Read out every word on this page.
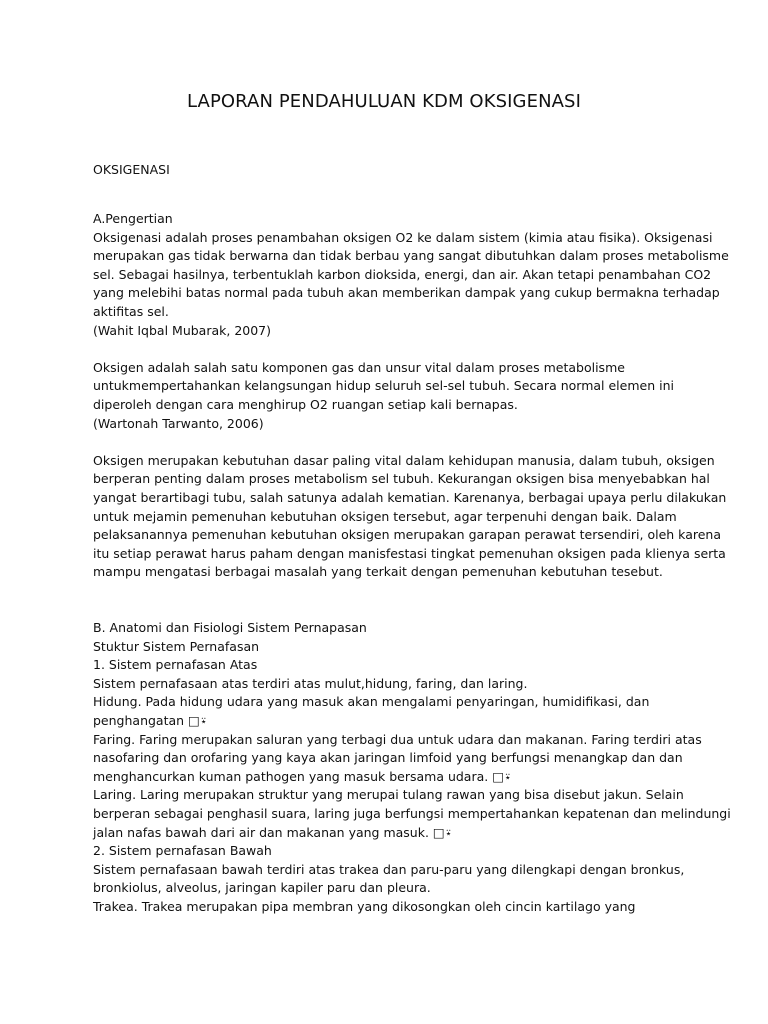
LAPORAN PENDAHULUAN KDM OKSIGENASI
OKSIGENASI
A.Pengertian
Oksigenasi adalah proses penambahan oksigen O2 ke dalam sistem (kimia atau fisika). Oksigenasi
merupakan gas tidak berwarna dan tidak berbau yang sangat dibutuhkan dalam proses metabolisme
sel. Sebagai hasilnya, terbentuklah karbon dioksida, energi, dan air. Akan tetapi penambahan CO2
yang melebihi batas normal pada tubuh akan memberikan dampak yang cukup bermakna terhadap
aktifitas sel.
(Wahit Iqbal Mubarak, 2007)
Oksigen adalah salah satu komponen gas dan unsur vital dalam proses metabolisme
untukmempertahankan kelangsungan hidup seluruh sel-sel tubuh. Secara normal elemen ini
diperoleh dengan cara menghirup O2 ruangan setiap kali bernapas.
(Wartonah Tarwanto, 2006)
Oksigen merupakan kebutuhan dasar paling vital dalam kehidupan manusia, dalam tubuh, oksigen
berperan penting dalam proses metabolism sel tubuh. Kekurangan oksigen bisa menyebabkan hal
yangat berartibagi tubu, salah satunya adalah kematian. Karenanya, berbagai upaya perlu dilakukan
untuk mejamin pemenuhan kebutuhan oksigen tersebut, agar terpenuhi dengan baik. Dalam
pelaksanannya pemenuhan kebutuhan oksigen merupakan garapan perawat tersendiri, oleh karena
itu setiap perawat harus paham dengan manisfestasi tingkat pemenuhan oksigen pada klienya serta
mampu mengatasi berbagai masalah yang terkait dengan pemenuhan kebutuhan tesebut.
B. Anatomi dan Fisiologi Sistem Pernapasan
Stuktur Sistem Pernafasan
1. Sistem pernafasan Atas
Sistem pernafasaan atas terdiri atas mulut,hidung, faring, dan laring.
Hidung. Pada hidung udara yang masuk akan mengalami penyaringan, humidifikasi, dan
penghangatan □⍣
Faring. Faring merupakan saluran yang terbagi dua untuk udara dan makanan. Faring terdiri atas
nasofaring dan orofaring yang kaya akan jaringan limfoid yang berfungsi menangkap dan dan
menghancurkan kuman pathogen yang masuk bersama udara. □⍣
Laring. Laring merupakan struktur yang merupai tulang rawan yang bisa disebut jakun. Selain
berperan sebagai penghasil suara, laring juga berfungsi mempertahankan kepatenan dan melindungi
jalan nafas bawah dari air dan makanan yang masuk. □⍣
2. Sistem pernafasan Bawah
Sistem pernafasaan bawah terdiri atas trakea dan paru-paru yang dilengkapi dengan bronkus,
bronkiolus, alveolus, jaringan kapiler paru dan pleura.
Trakea. Trakea merupakan pipa membran yang dikosongkan oleh cincin kartilago yang
